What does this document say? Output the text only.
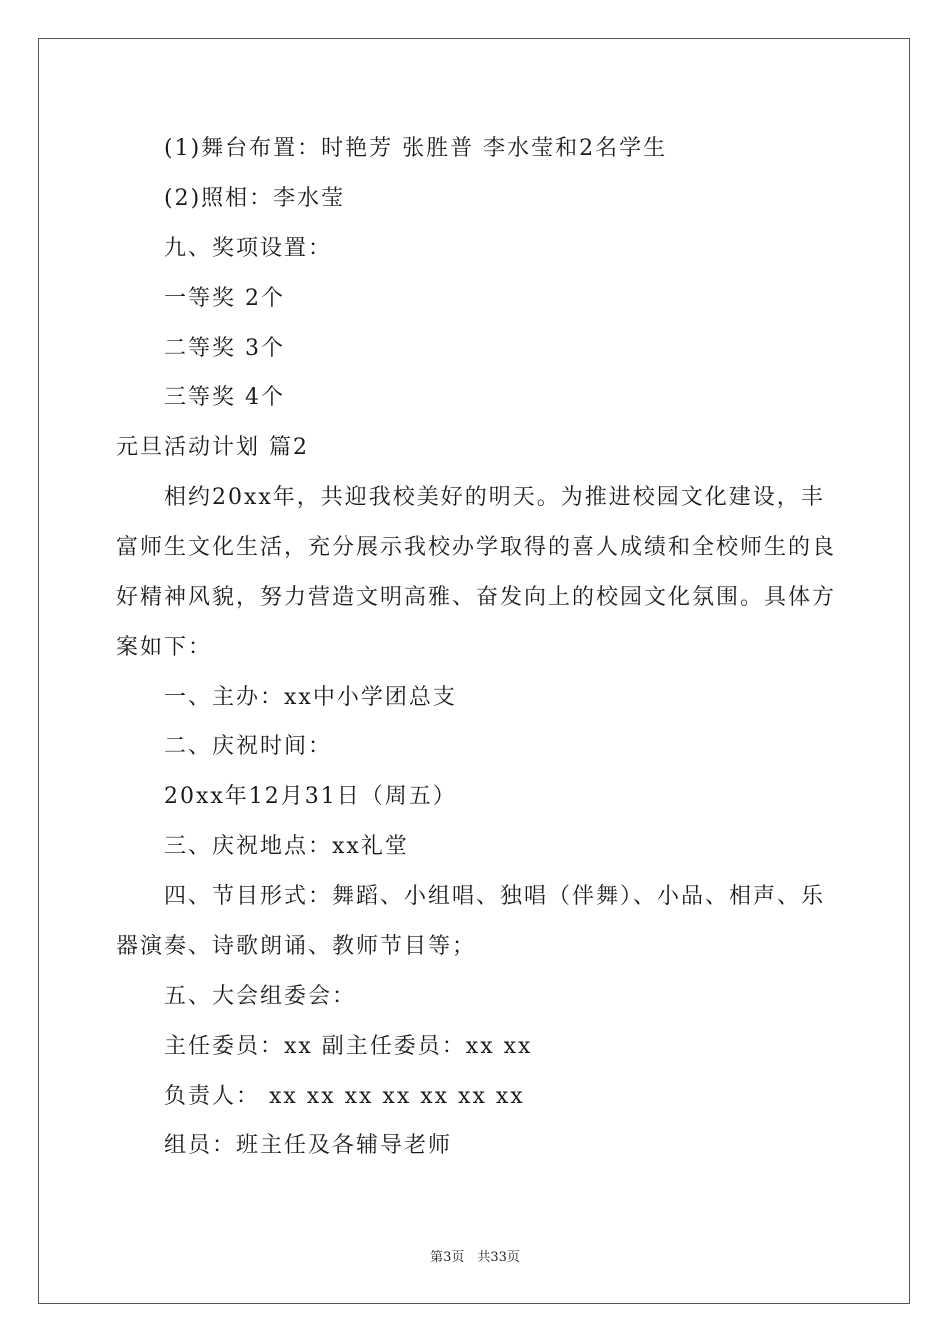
(1)舞台布置：时艳芳 张胜普 李水莹和2名学生
(2)照相：李水莹
九、奖项设置：
一等奖 2个
二等奖 3个
三等奖 4个
元旦活动计划 篇2
相约20xx年，共迎我校美好的明天。为推进校园文化建设，丰
富师生文化生活，充分展示我校办学取得的喜人成绩和全校师生的良
好精神风貌，努力营造文明高雅、奋发向上的校园文化氛围。具体方
案如下：
一、主办：xx中小学团总支
二、庆祝时间：
20xx年12月31日（周五）
三、庆祝地点：xx礼堂
四、节目形式：舞蹈、小组唱、独唱（伴舞）、小品、相声、乐
器演奏、诗歌朗诵、教师节目等；
五、大会组委会：
主任委员：xx 副主任委员：xx xx
负责人： xx xx xx xx xx xx xx
组员：班主任及各辅导老师
第3页　共33页
